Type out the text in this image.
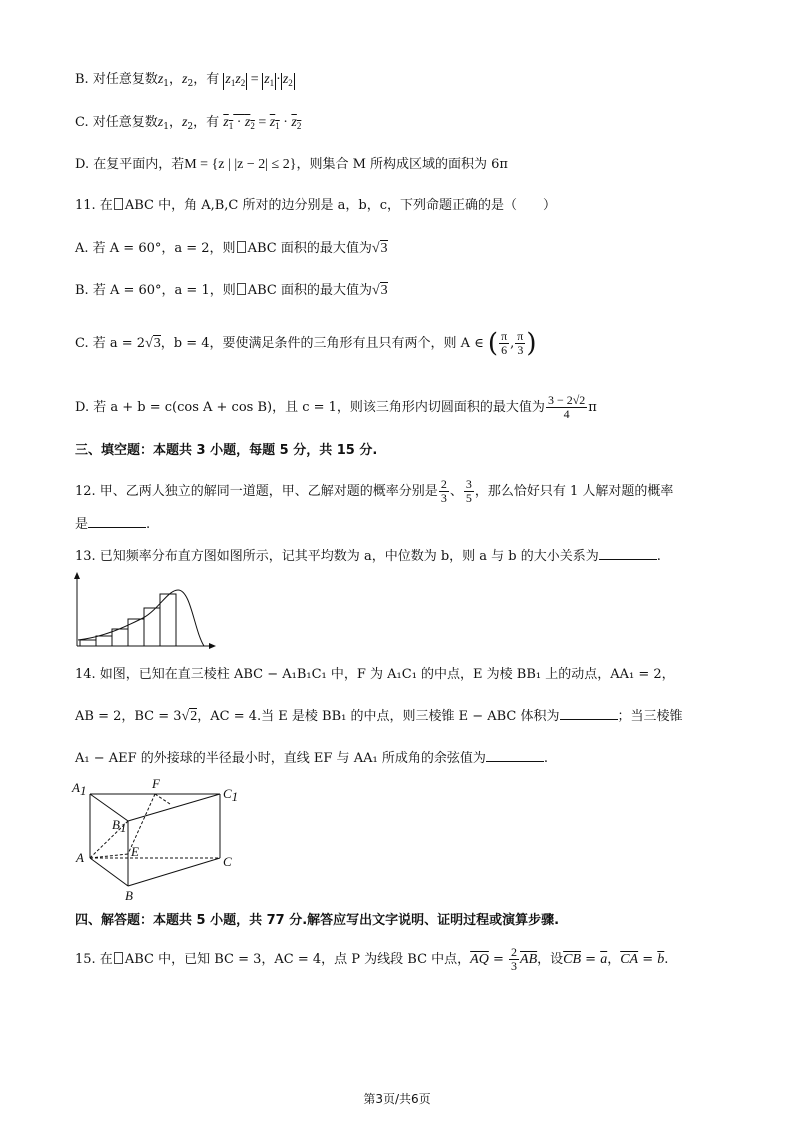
B. 对任意复数$z_1$，$z_2$，有 $z_1z_2 = z_1 \cdot z_2$
C. 对任意复数$z_1$，$z_2$，有 $z_1 \cdot z_2 = z_1 \cdot z_2$
D. 在复平面内，若M = {z | |z − 2| ≤ 2}，则集合 M 所构成区域的面积为 6π
11. 在 ABC 中，角 A,B,C 所对的边分别是 a，b，c，下列命题正确的是（　　）
A. 若 A = 60°，a = 2，则 ABC 面积的最大值为√3
B. 若 A = 60°，a = 1，则 ABC 面积的最大值为√3
C. 若 a = 2√3，b = 4，要使满足条件的三角形有且只有两个，则 A ∈ ( $\frac{\pi}{6}$ , $\frac{\pi}{3}$ )
D. 若 a + b = c(cos A + cos B)，且 c = 1，则该三角形内切圆面积的最大值为 $\frac{3 - 2√2}{4}$ π
三、填空题：本题共 3 小题，每题 5 分，共 15 分.
12. 甲、乙两人独立的解同一道题，甲、乙解对题的概率分别是 $\frac{2}{3}$ 、 $\frac{3}{5}$ ，那么恰好只有 1 人解对题的概率
是	.
13. 已知频率分布直方图如图所示，记其平均数为 a，中位数为 b，则 a 与 b 的大小关系为	.
14. 如图，已知在直三棱柱 ABC − A₁B₁C₁ 中，F 为 A₁C₁ 的中点，E 为棱 BB₁ 上的动点，AA₁ = 2，
AB = 2，BC = 3√2，AC = 4.当 E 是棱 BB₁ 的中点，则三棱锥 E − ABC 体积为	；当三棱锥
A₁ − AEF 的外接球的半径最小时，直线 EF 与 AA₁ 所成角的余弦值为	.
A1	F
C1
B1
A	E
C
B
四、解答题：本题共 5 小题，共 77 分.解答应写出文字说明、证明过程或演算步骤.
15. 在 ABC 中，已知 BC = 3，AC = 4，点 P 为线段 BC 中点，$\overline{AQ} = \frac{2}{3} \overline{AB}$，设$\overline{CB} = \overline{a}$，$\overline{CA} = \overline{b}$.
第3页/共6页
